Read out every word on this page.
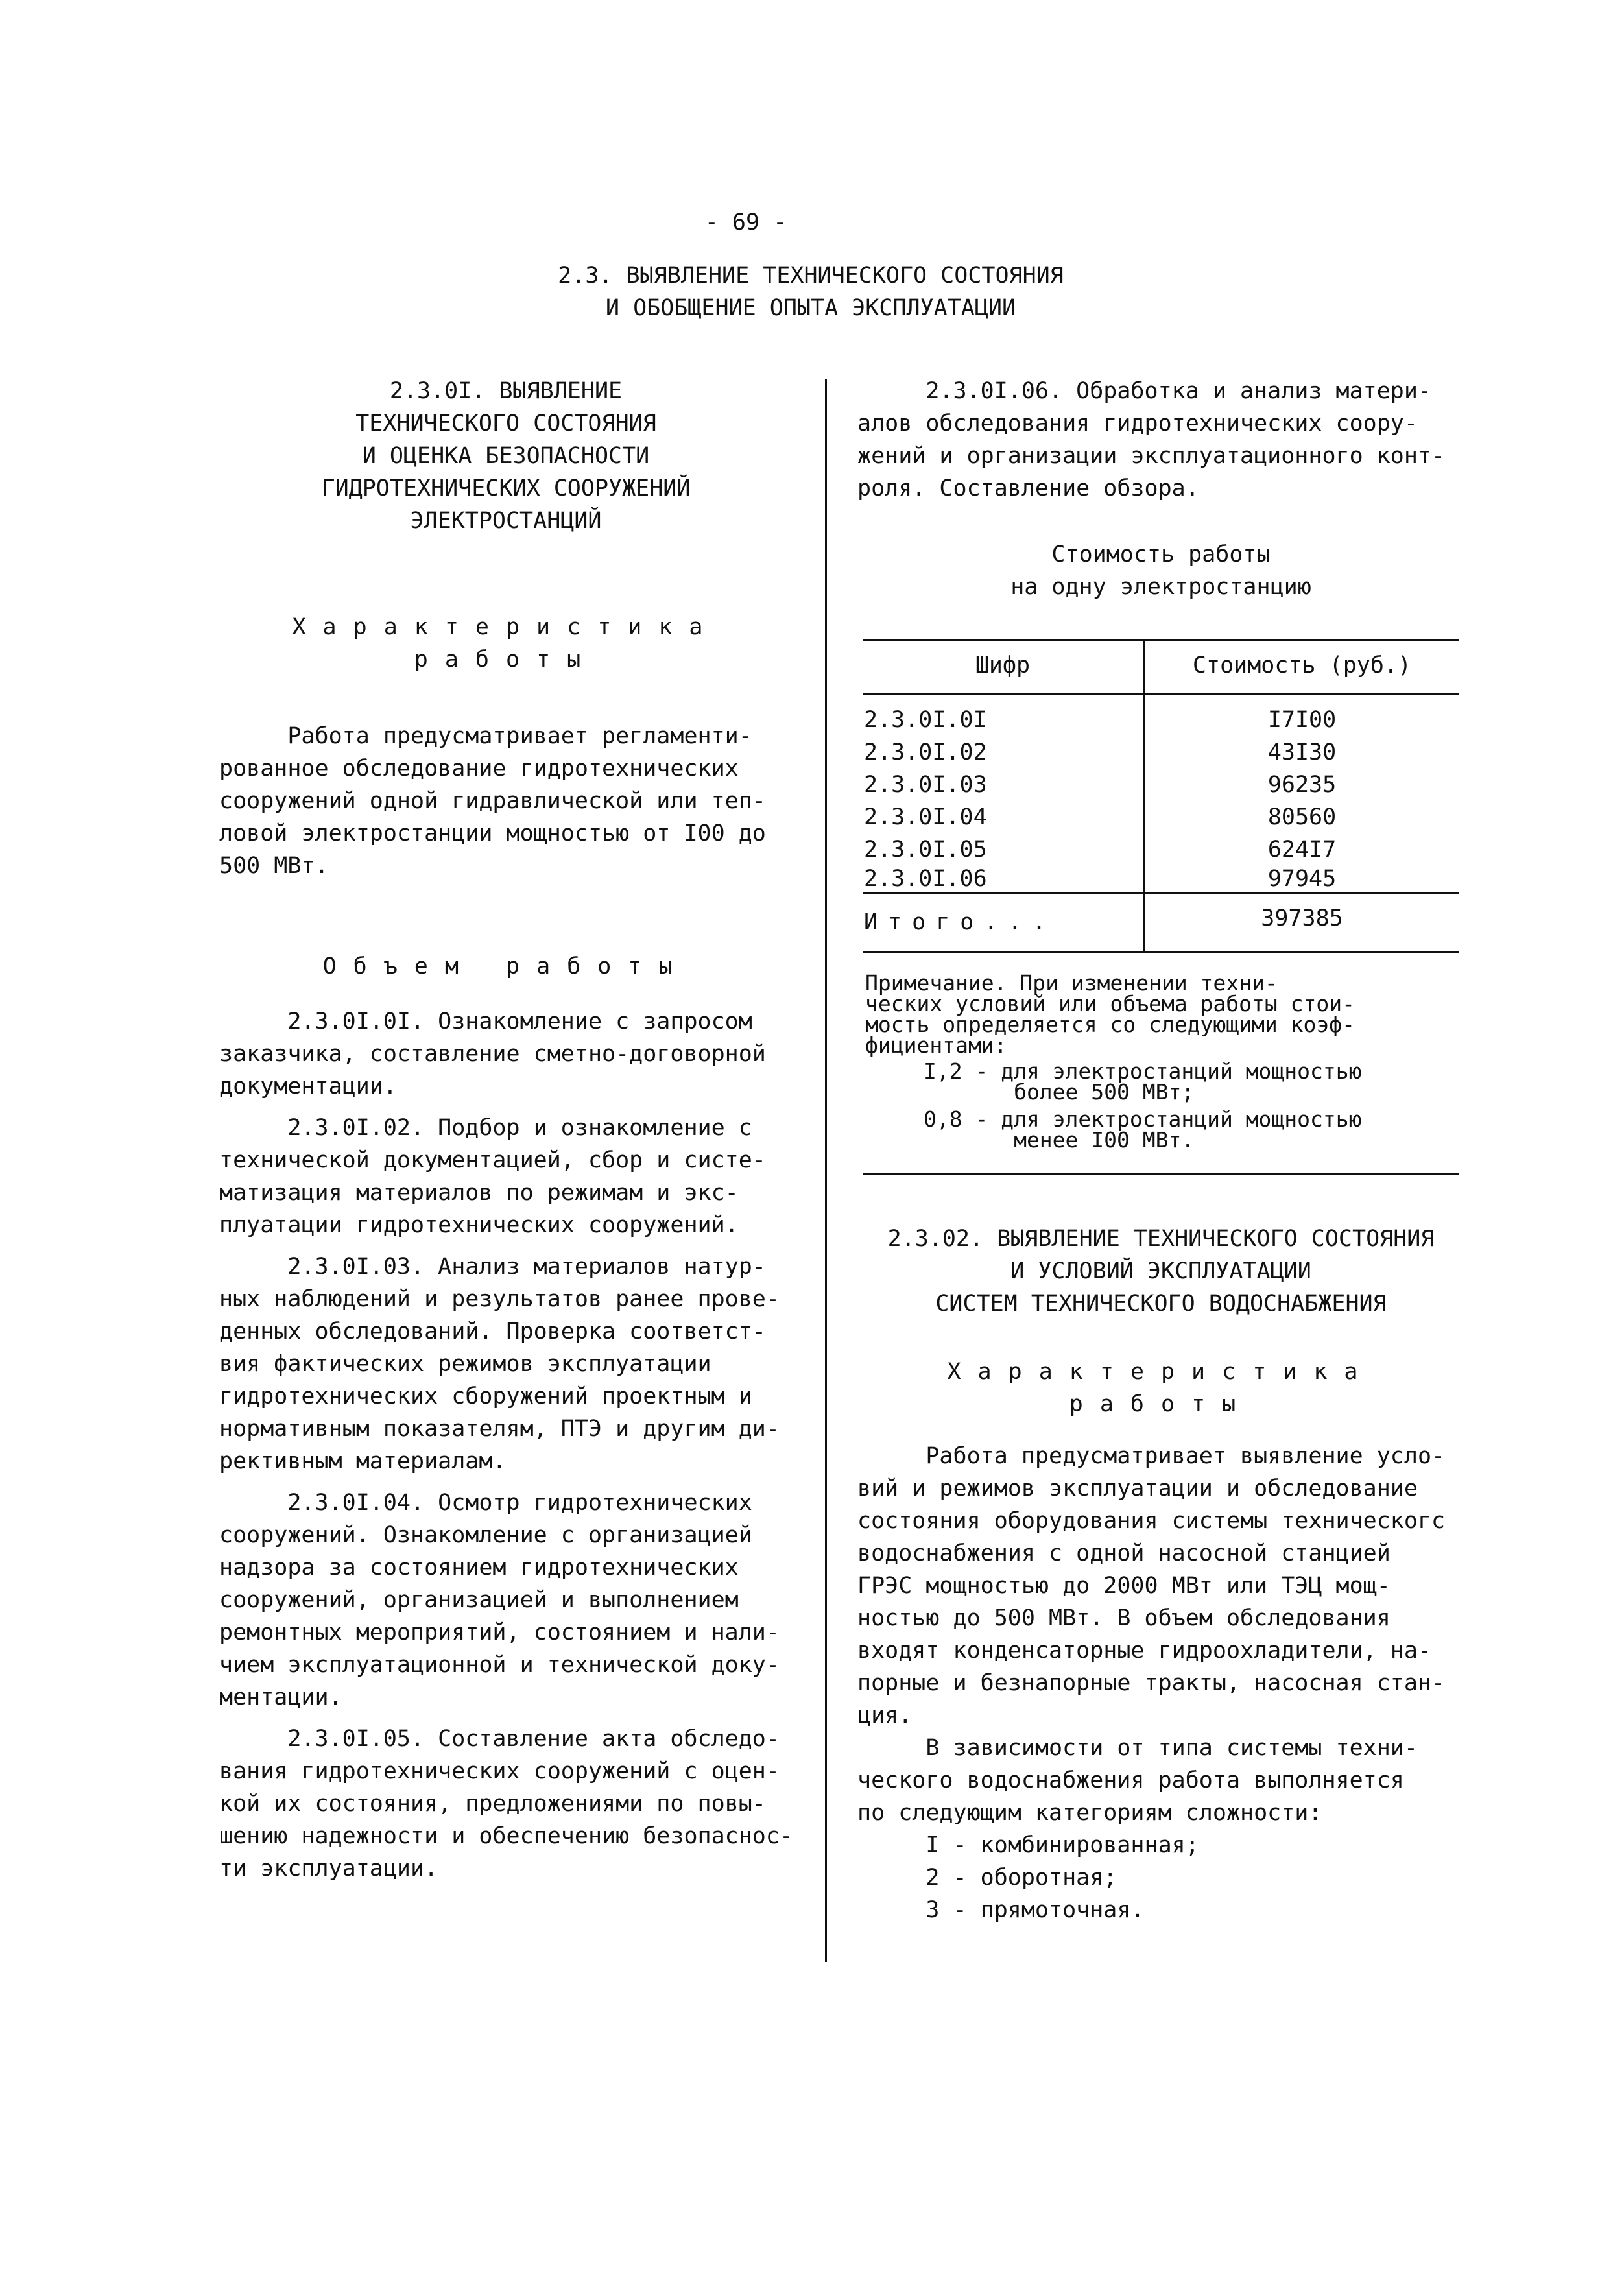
- 69 -
2.3. ВЫЯВЛЕНИЕ ТЕХНИЧЕСКОГО СОСТОЯНИЯ
И ОБОБЩЕНИЕ ОПЫТА ЭКСПЛУАТАЦИИ
2.3.0I. ВЫЯВЛЕНИЕ
ТЕХНИЧЕСКОГО СОСТОЯНИЯ
И ОЦЕНКА БЕЗОПАСНОСТИ
ГИДРОТЕХНИЧЕСКИХ СООРУЖЕНИЙ
ЭЛЕКТРОСТАНЦИЙ
Характеристика
работы
Работа предусматривает регламенти-
рованное обследование гидротехнических
сооружений одной гидравлической или теп-
ловой электростанции мощностью от I00 до
500 МВт.
Объем работы
2.3.0I.0I. Ознакомление с запросом
заказчика, составление сметно-договорной
документации.
2.3.0I.02. Подбор и ознакомление с
технической документацией, сбор и систе-
матизация материалов по режимам и экс-
плуатации гидротехнических сооружений.
2.3.0I.03. Анализ материалов натур-
ных наблюдений и результатов ранее прове-
денных обследований. Проверка соответст-
вия фактических режимов эксплуатации
гидротехнических сборужений проектным и
нормативным показателям, ПТЭ и другим ди-
рективным материалам.
2.3.0I.04. Осмотр гидротехнических
сооружений. Ознакомление с организацией
надзора за состоянием гидротехнических
сооружений, организацией и выполнением
ремонтных мероприятий, состоянием и нали-
чием эксплуатационной и технической доку-
ментации.
2.3.0I.05. Составление акта обследо-
вания гидротехнических сооружений с оцен-
кой их состояния, предложениями по повы-
шению надежности и обеспечению безопаснос-
ти эксплуатации.
2.3.0I.06. Обработка и анализ матери-
алов обследования гидротехнических соору-
жений и организации эксплуатационного конт-
роля. Составление обзора.
Стоимость работы
на одну электростанцию
Шифр	Стоимость (руб.)
2.3.0I.0I	I7I00
2.3.0I.02	43I30
2.3.0I.03	96235
2.3.0I.04	80560
2.3.0I.05	624I7
2.3.0I.06	97945
Итого...	397385
Примечание. При изменении техни-
ческих условий или объема работы стои-
мость определяется со следующими коэф-
фициентами:
I,2 - для электростанций мощностью
более 500 МВт;
0,8 - для электростанций мощностью
менее I00 МВт.
2.3.02. ВЫЯВЛЕНИЕ ТЕХНИЧЕСКОГО СОСТОЯНИЯ
И УСЛОВИЙ ЭКСПЛУАТАЦИИ
СИСТЕМ ТЕХНИЧЕСКОГО ВОДОСНАБЖЕНИЯ
Характеристика
работы
Работа предусматривает выявление усло-
вий и режимов эксплуатации и обследование
состояния оборудования системы техническогс
водоснабжения с одной насосной станцией
ГРЭС мощностью до 2000 МВт или ТЭЦ мощ-
ностью до 500 МВт. В объем обследования
входят конденсаторные гидроохладители, на-
порные и безнапорные тракты, насосная стан-
ция.
В зависимости от типа системы техни-
ческого водоснабжения работа выполняется
по следующим категориям сложности:
I - комбинированная;
2 - оборотная;
3 - прямоточная.
